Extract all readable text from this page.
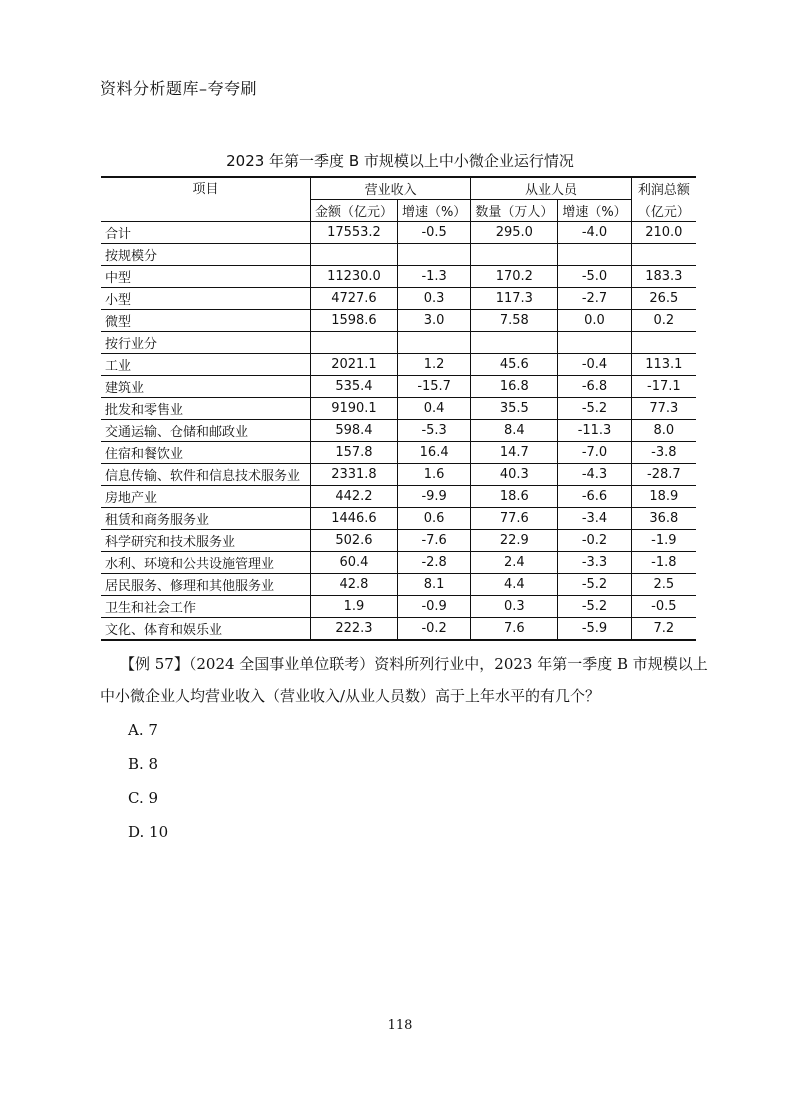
资料分析题库–夸夸刷
2023 年第一季度 B 市规模以上中小微企业运行情况
项目	营业收入		从业人员		利润总额
	金额（亿元）	增速（%）	数量（万人）	增速（%）	（亿元）
合计	17553.2	-0.5	295.0	-4.0	210.0
按规模分					
中型	11230.0	-1.3	170.2	-5.0	183.3
小型	4727.6	0.3	117.3	-2.7	26.5
微型	1598.6	3.0	7.58	0.0	0.2
按行业分					
工业	2021.1	1.2	45.6	-0.4	113.1
建筑业	535.4	-15.7	16.8	-6.8	-17.1
批发和零售业	9190.1	0.4	35.5	-5.2	77.3
交通运输、仓储和邮政业	598.4	-5.3	8.4	-11.3	8.0
住宿和餐饮业	157.8	16.4	14.7	-7.0	-3.8
信息传输、软件和信息技术服务业	2331.8	1.6	40.3	-4.3	-28.7
房地产业	442.2	-9.9	18.6	-6.6	18.9
租赁和商务服务业	1446.6	0.6	77.6	-3.4	36.8
科学研究和技术服务业	502.6	-7.6	22.9	-0.2	-1.9
水利、环境和公共设施管理业	60.4	-2.8	2.4	-3.3	-1.8
居民服务、修理和其他服务业	42.8	8.1	4.4	-5.2	2.5
卫生和社会工作	1.9	-0.9	0.3	-5.2	-0.5
文化、体育和娱乐业	222.3	-0.2	7.6	-5.9	7.2
【例 57】（2024 全国事业单位联考）资料所列行业中，2023 年第一季度 B 市规模以上中小微企业人均营业收入（营业收入/从业人员数）高于上年水平的有几个？
A. 7
B. 8
C. 9
D. 10
118
